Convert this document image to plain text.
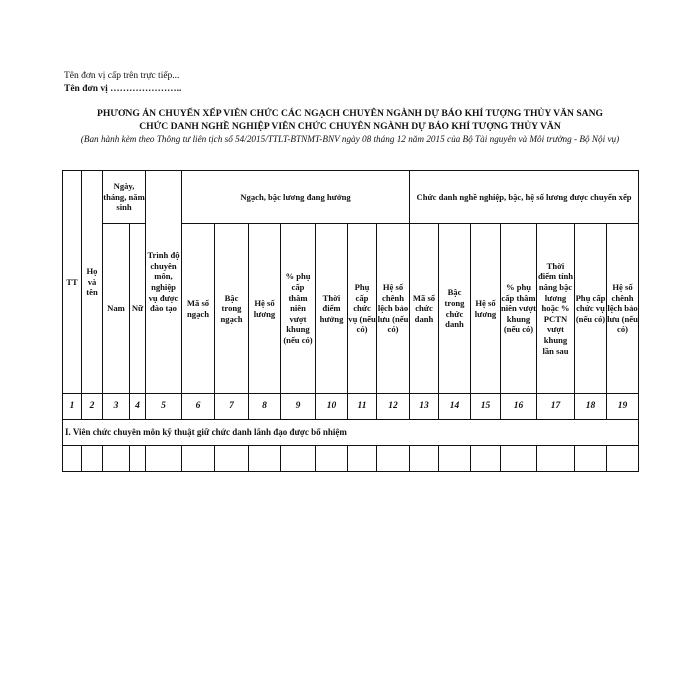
Tên đơn vị cấp trên trực tiếp...
Tên đơn vị …………………..
PHƯƠNG ÁN CHUYỂN XẾP VIÊN CHỨC CÁC NGẠCH CHUYÊN NGÀNH DỰ BÁO KHÍ TƯỢNG THỦY VĂN SANG
CHỨC DANH NGHỀ NGHIỆP VIÊN CHỨC CHUYÊN NGÀNH DỰ BÁO KHÍ TƯỢNG THỦY VĂN
(Ban hành kèm theo Thông tư liên tịch số 54/2015/TTLT-BTNMT-BNV ngày 08 tháng 12 năm 2015 của Bộ Tài nguyên và Môi trường - Bộ Nội vụ)
TT	Họ và tên	Ngày, tháng, năm sinh		Trình độ chuyên môn, nghiệp vụ được đào tạo	Ngạch, bậc lương đang hưởng							Chức danh nghề nghiệp, bậc, hệ số lương được chuyển xếp						
		Nam	Nữ		Mã số ngạch	Bậc trong ngạch	Hệ số lương	% phụ cấp thâm niên vượt khung (nếu có)	Thời điểm hưởng	Phụ cấp chức vụ (nếu có)	Hệ số chênh lệch bảo lưu (nếu có)	Mã số chức danh	Bậc trong chức danh	Hệ số lương	% phụ cấp thâm niên vượt khung (nếu có)	Thời điểm tính nâng bậc lương hoặc % PCTN vượt khung lần sau	Phụ cấp chức vụ (nếu có)	Hệ số chênh lệch bảo lưu (nếu có)
1	2	3	4	5	6	7	8	9	10	11	12	13	14	15	16	17	18	19
I. Viên chức chuyên môn kỹ thuật giữ chức danh lãnh đạo được bổ nhiệm																		
